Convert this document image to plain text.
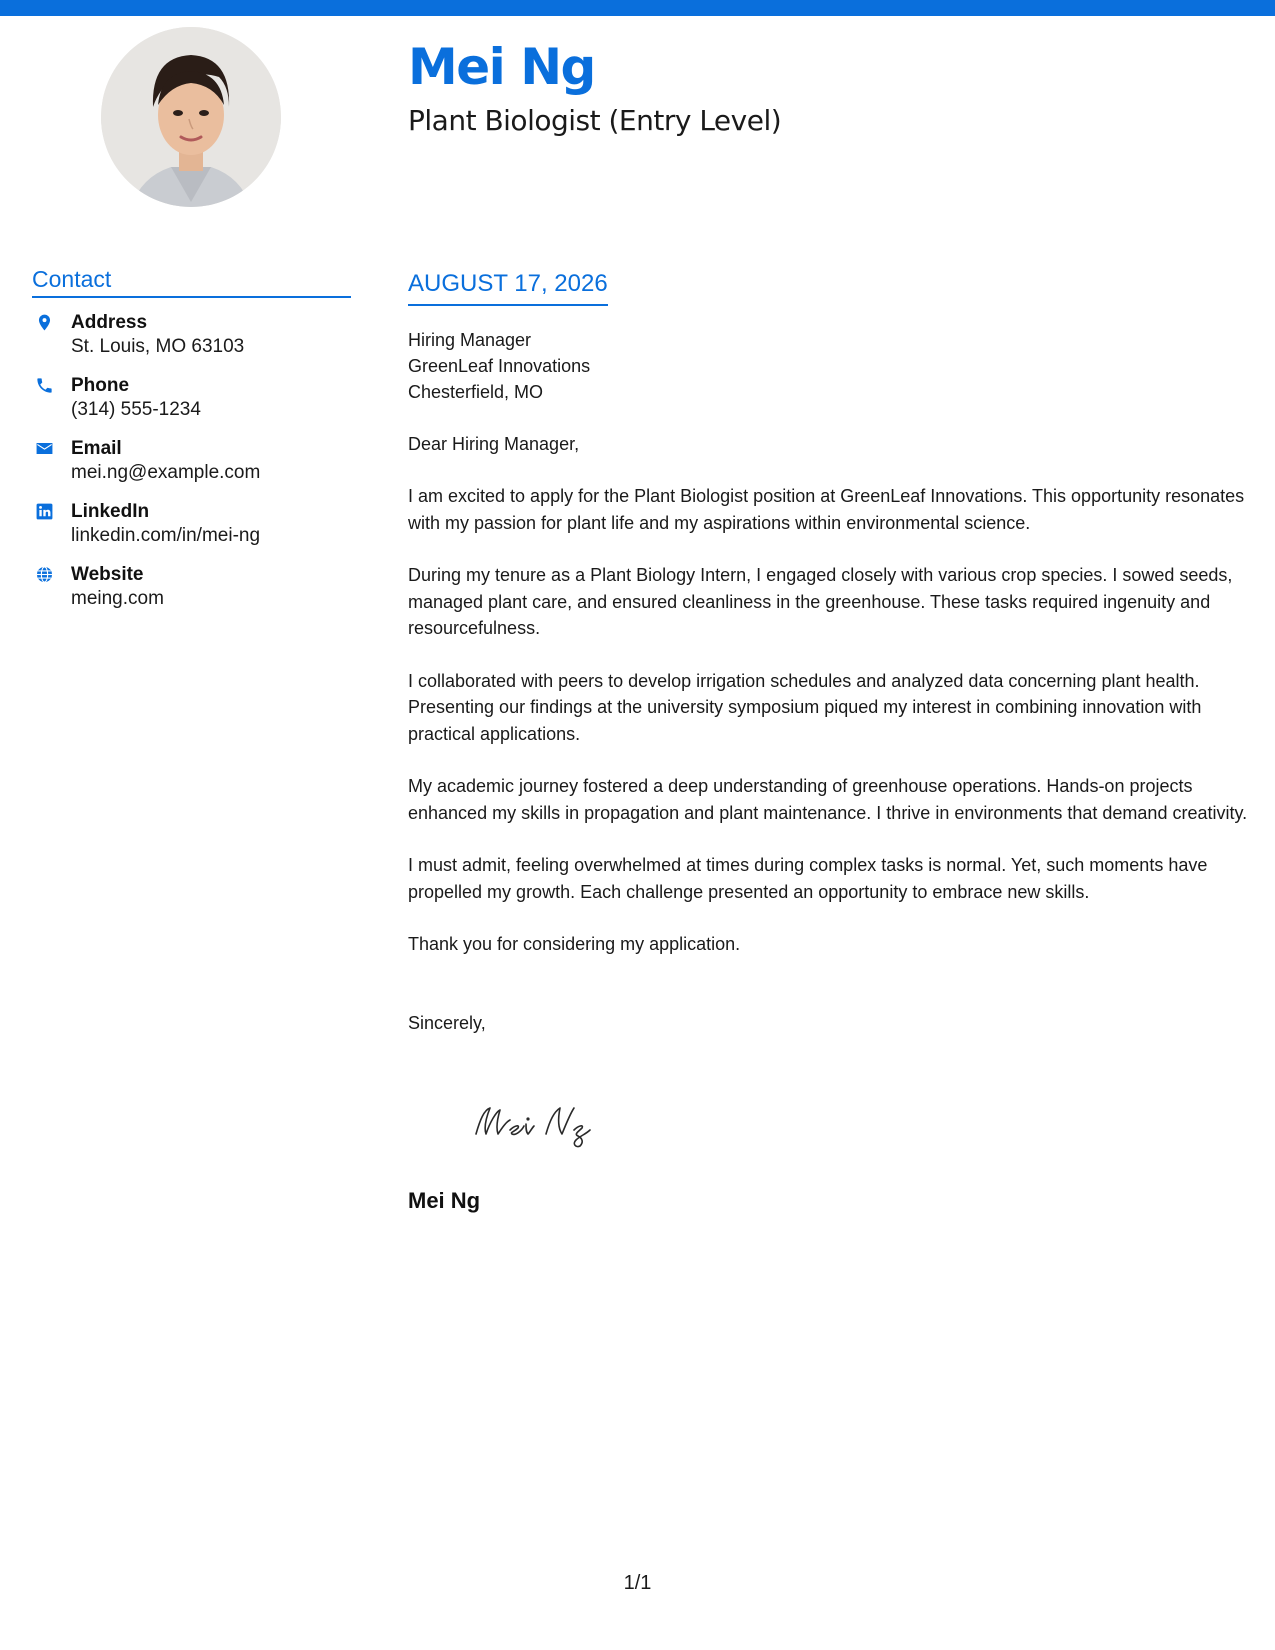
Mei Ng
Plant Biologist (Entry Level)
Contact
Address
St. Louis, MO 63103
Phone
(314) 555-1234
Email
mei.ng@example.com
LinkedIn
linkedin.com/in/mei-ng
Website
meing.com
AUGUST 17, 2026
Hiring Manager
GreenLeaf Innovations
Chesterfield, MO

Dear Hiring Manager,

I am excited to apply for the Plant Biologist position at GreenLeaf Innovations. This opportunity resonates with my passion for plant life and my aspirations within environmental science.

During my tenure as a Plant Biology Intern, I engaged closely with various crop species. I sowed seeds, managed plant care, and ensured cleanliness in the greenhouse. These tasks required ingenuity and resourcefulness.

I collaborated with peers to develop irrigation schedules and analyzed data concerning plant health. Presenting our findings at the university symposium piqued my interest in combining innovation with practical applications.

My academic journey fostered a deep understanding of greenhouse operations. Hands-on projects enhanced my skills in propagation and plant maintenance. I thrive in environments that demand creativity.

I must admit, feeling overwhelmed at times during complex tasks is normal. Yet, such moments have propelled my growth. Each challenge presented an opportunity to embrace new skills.

Thank you for considering my application.

Sincerely,

Mei Ng

1/1
